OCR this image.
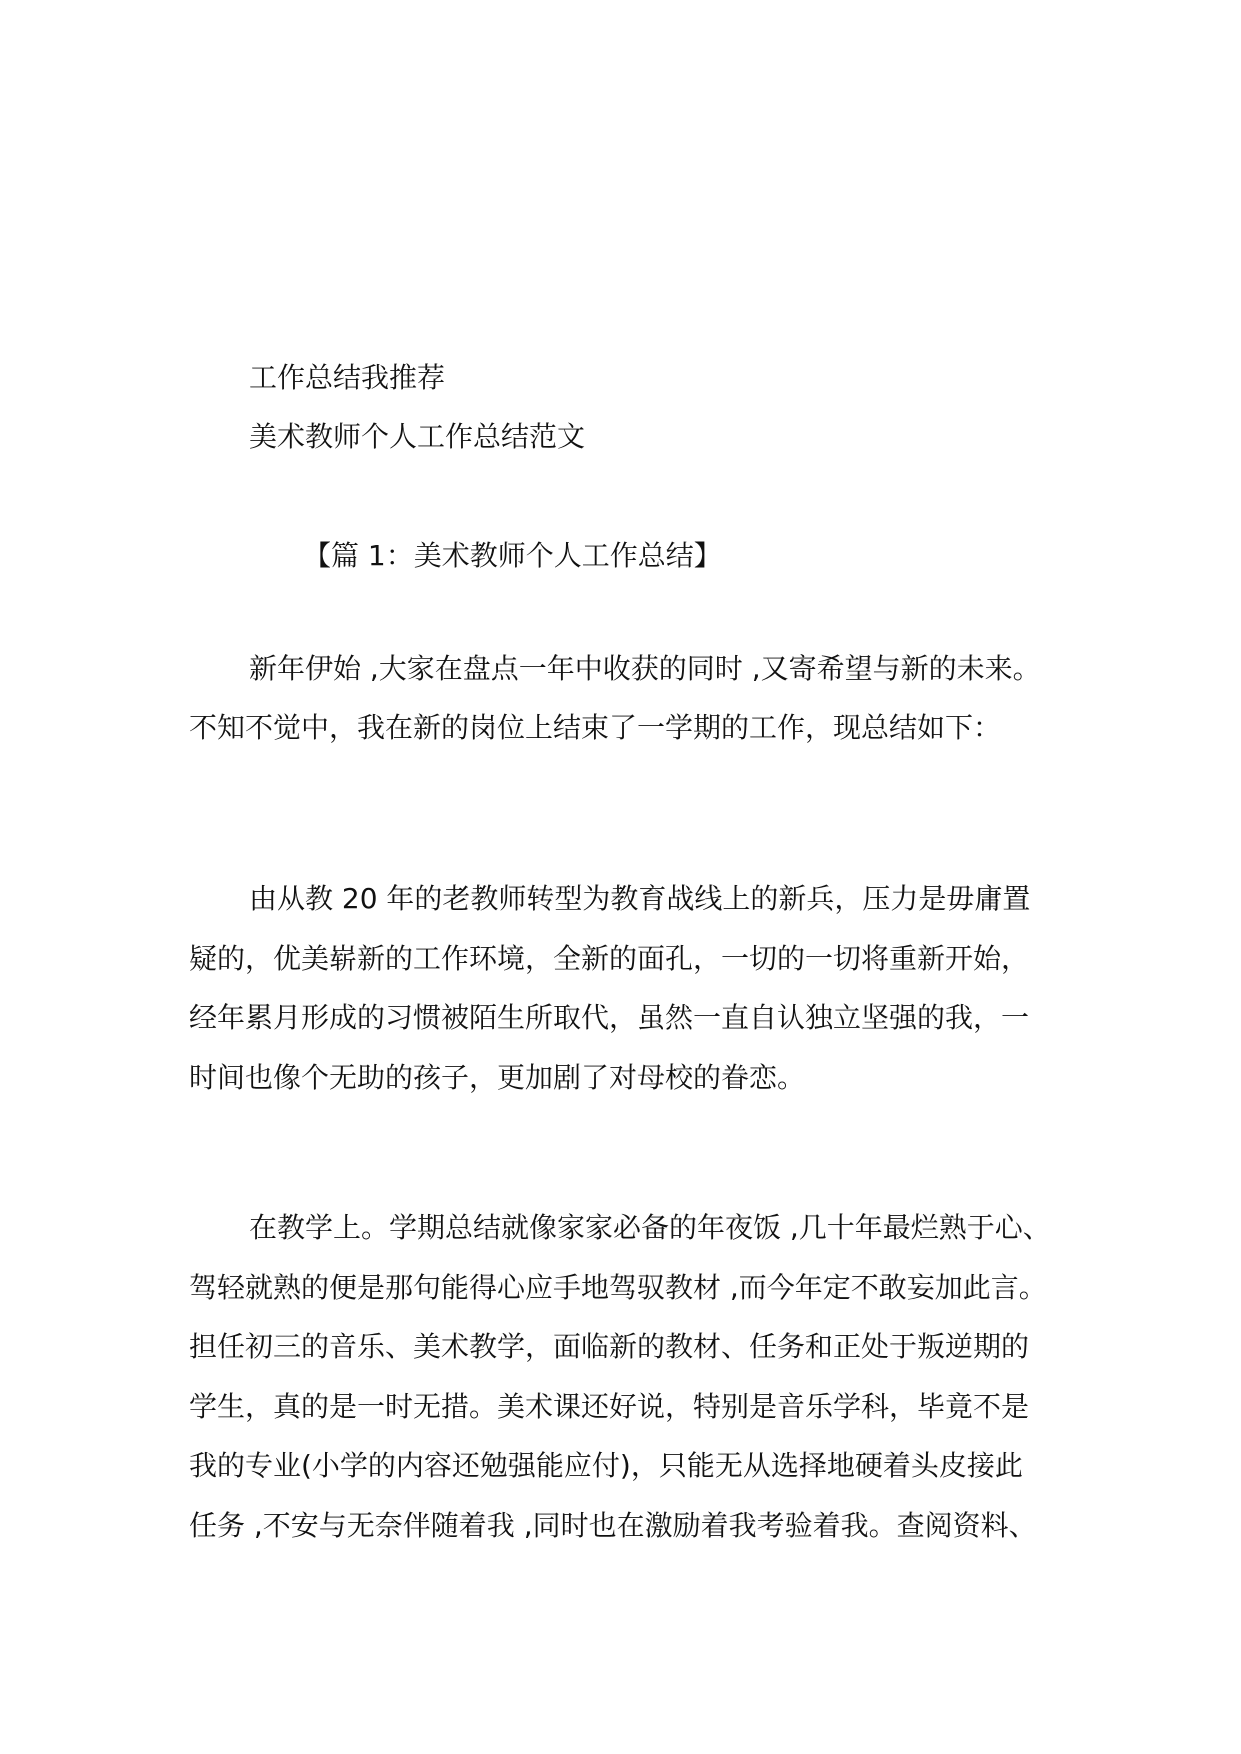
工作总结我推荐
美术教师个人工作总结范文
【篇 1：美术教师个人工作总结】
新年伊始 ,大家在盘点一年中收获的同时 ,又寄希望与新的未来。
不知不觉中，我在新的岗位上结束了一学期的工作，现总结如下：
由从教 20 年的老教师转型为教育战线上的新兵，压力是毋庸置
疑的，优美崭新的工作环境，全新的面孔，一切的一切将重新开始，
经年累月形成的习惯被陌生所取代，虽然一直自认独立坚强的我，一
时间也像个无助的孩子，更加剧了对母校的眷恋。
在教学上。学期总结就像家家必备的年夜饭 ,几十年最烂熟于心、
驾轻就熟的便是那句能得心应手地驾驭教材 ,而今年定不敢妄加此言。
担任初三的音乐、美术教学，面临新的教材、任务和正处于叛逆期的
学生，真的是一时无措。美术课还好说，特别是音乐学科，毕竟不是
我的专业(小学的内容还勉强能应付)，只能无从选择地硬着头皮接此
任务 ,不安与无奈伴随着我 ,同时也在激励着我考验着我。查阅资料、
